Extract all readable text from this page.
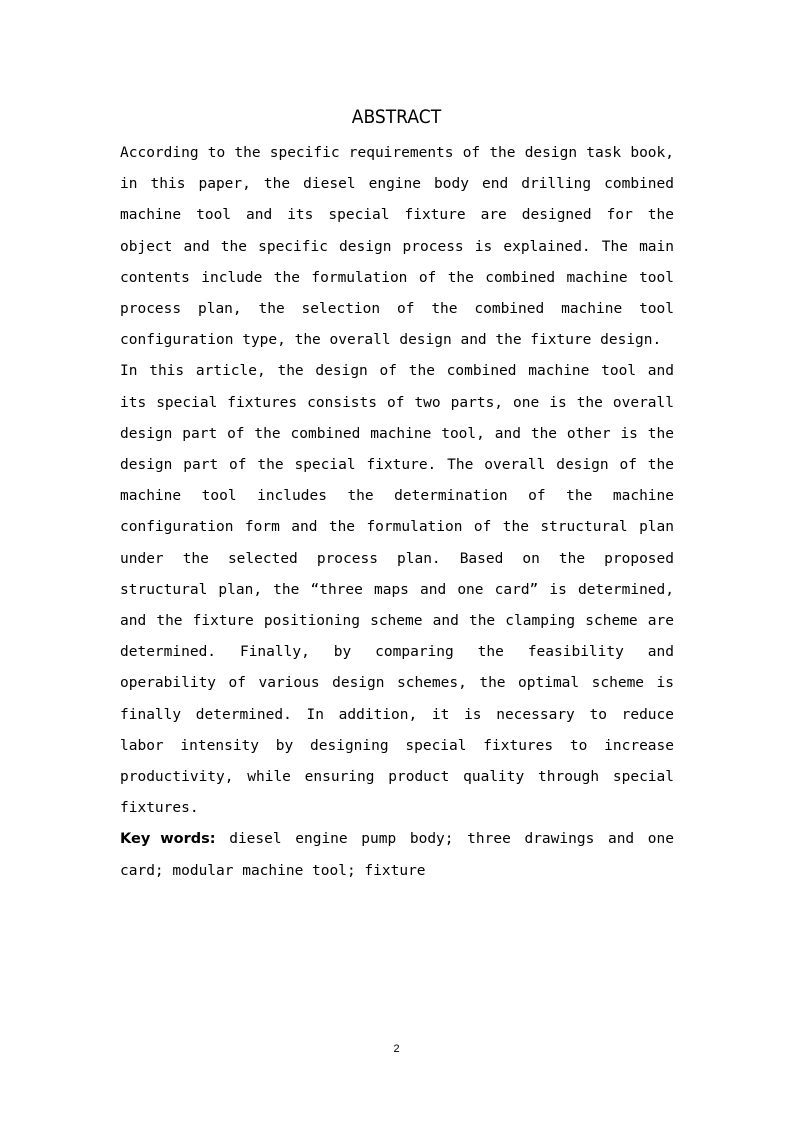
ABSTRACT

According to the specific requirements of the design task book, in this paper, the diesel engine body end drilling combined machine tool and its special fixture are designed for the object and the specific design process is explained. The main contents include the formulation of the combined machine tool process plan, the selection of the combined machine tool configuration type, the overall design and the fixture design.

In this article, the design of the combined machine tool and its special fixtures consists of two parts, one is the overall design part of the combined machine tool, and the other is the design part of the special fixture. The overall design of the machine tool includes the determination of the machine configuration form and the formulation of the structural plan under the selected process plan. Based on the proposed structural plan, the “three maps and one card” is determined, and the fixture positioning scheme and the clamping scheme are determined. Finally, by comparing the feasibility and operability of various design schemes, the optimal scheme is finally determined. In addition, it is necessary to reduce labor intensity by designing special fixtures to increase productivity, while ensuring product quality through special fixtures.

Key words: diesel engine pump body; three drawings and one card; modular machine tool; fixture

2
